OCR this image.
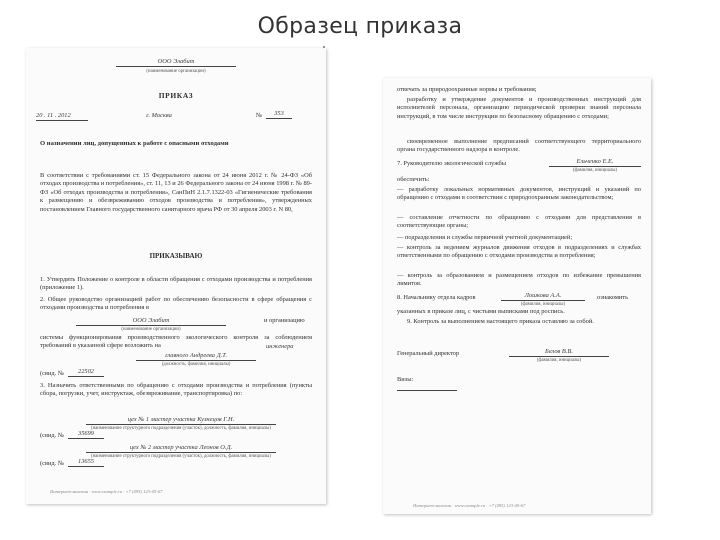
Образец приказа
ООО Элабит
(наименование организации)
ПРИКАЗ
20 . 11 . 2012	г. Москва	№	353
О назначении лиц, допущенных к работе с опасными отходами
В соответствии с требованиями ст. 15 Федерального закона от 24 июня 2012 г. № 24-ФЗ «Об отходах производства и потребления», ст. 11, 13 и 26 Федерального закона от 24 июня 1998 г. № 89-ФЗ «Об отходах производства и потребления», СанПиН 2.1.7.1322-03 «Гигиенические требования к размещению и обезвреживанию отходов производства и потребления», утвержденных постановлением Главного государственного санитарного врача РФ от 30 апреля 2003 г. N 80,
ПРИКАЗЫВАЮ
1. Утвердить Положение о контроле в области обращения с отходами производства и потребления (приложение 1).
2. Общее руководство организацией работ по обеспечению безопасности в сфере обращения с отходами производства и потребления в
ООО Элабит	и организацию
(наименование организации)
системы функционирования производственного экологического контроля за соблюдением требований в указанной сфере возложить на	инженера
главного Андреева Д.Т.
(должность, фамилия, инициалы)
(свид. №	22502
3. Назначить ответственными по обращению с отходами производства и потребления (пункты сбора, погрузки, учет, инструктаж, обезвреживание, транспортировка) по:
цех № 1 мастер участка Кузнецов Г.Н.
(наименование структурного подразделения (участок), должность, фамилия, инициалы)
(свид. №	35699
цех № 2 мастер участка Леонов О.Д.
(наименование структурного подразделения (участок), должность, фамилия, инициалы)
(свид. №	13655
Интернет-магазин · www.example.ru · +7 (495) 123-45-67
отвечать за природоохранные нормы и требования;
разработку и утверждение документов и производственных инструкций для исполнителей персонала, организацию периодической проверки знаний персонала инструкций, в том числе инструкции по безопасному обращению с отходами;
своевременное выполнение предписаний соответствующего территориального органа государственного надзора в контроле.
7. Руководителю экологической службы	Ельченко Е.Е.
(фамилия, инициалы)
обеспечить:
— разработку локальных нормативных документов, инструкций и указаний по обращению с отходами в соответствии с природоохранным законодательством;
— составление отчетности по обращению с отходами для представления в соответствующие органы;
— подразделения и службы первичной учетной документацией;
— контроль за ведением журналов движения отходов в подразделениях и службах ответственными по обращению с отходами производства и потребления;
— контроль за образованием и размещением отходов по избежание превышения лимитов.
8. Начальнику отдела кадров	Лошкова А.А.	ознакомить
(фамилия, инициалы)
указанных в приказе лиц, с чистыми выписками под роспись.
9. Контроль за выполнением настоящего приказа оставляю за собой.
Генеральный директор	Белов В.В.
(фамилия, инициалы)
Визы:
Интернет-магазин · www.example.ru · +7 (495) 123-45-67
